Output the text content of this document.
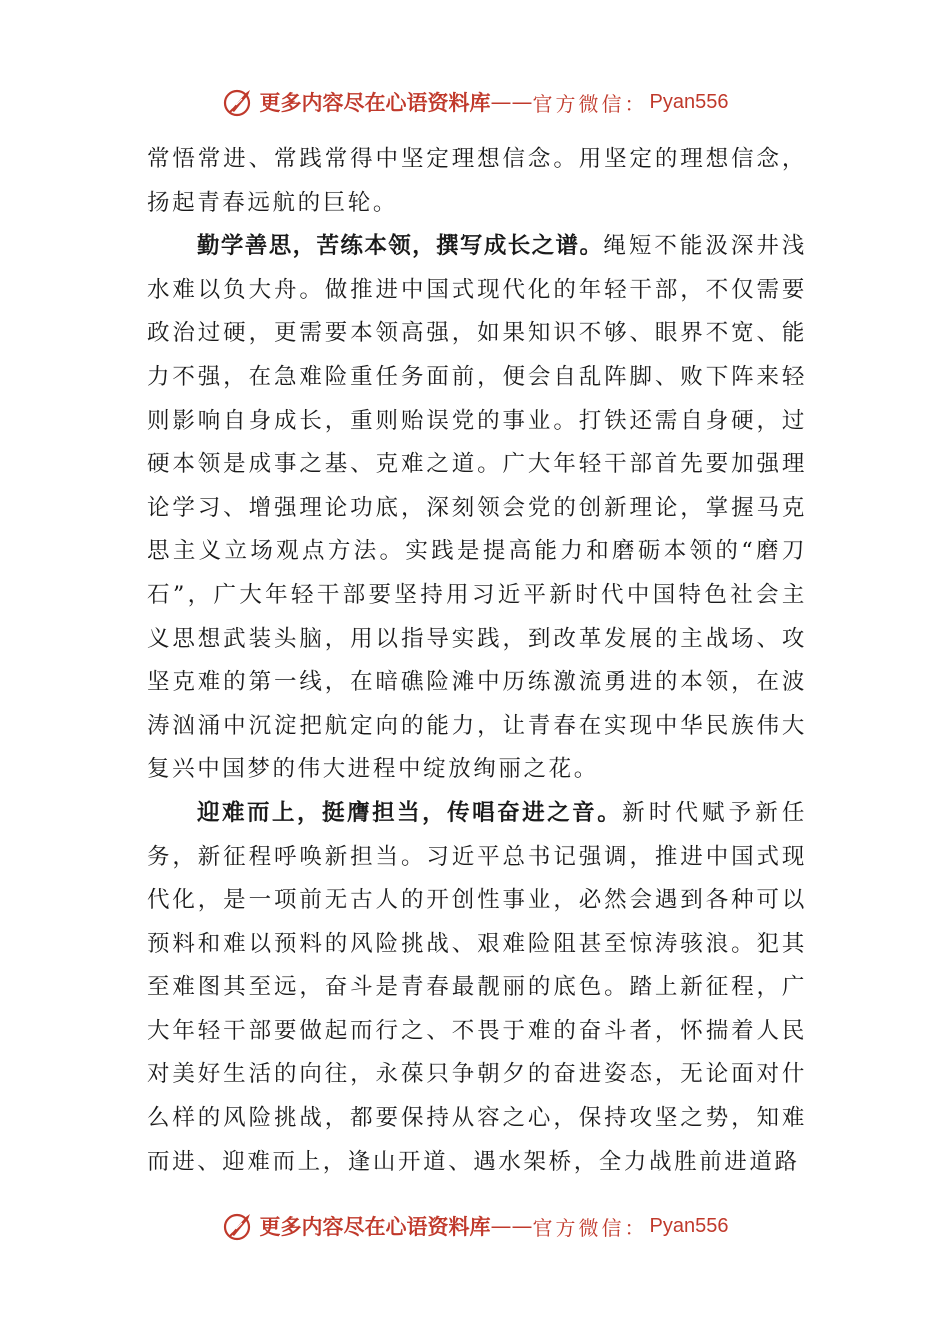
更多内容尽在心语资料库 —— 官方微信： Pyan556

常悟常进、常践常得中坚定理想信念。用坚定的理想信念，扬起青春远航的巨轮。

勤学善思，苦练本领，撰写成长之谱。绳短不能汲深井浅水难以负大舟。做推进中国式现代化的年轻干部，不仅需要政治过硬，更需要本领高强，如果知识不够、眼界不宽、能力不强，在急难险重任务面前，便会自乱阵脚、败下阵来轻则影响自身成长，重则贻误党的事业。打铁还需自身硬，过硬本领是成事之基、克难之道。广大年轻干部首先要加强理论学习、增强理论功底，深刻领会党的创新理论，掌握马克思主义立场观点方法。实践是提高能力和磨砺本领的“磨刀石”，广大年轻干部要坚持用习近平新时代中国特色社会主义思想武装头脑，用以指导实践，到改革发展的主战场、攻坚克难的第一线，在暗礁险滩中历练激流勇进的本领，在波涛汹涌中沉淀把航定向的能力，让青春在实现中华民族伟大复兴中国梦的伟大进程中绽放绚丽之花。

迎难而上，挺膺担当，传唱奋进之音。新时代赋予新任务，新征程呼唤新担当。习近平总书记强调，推进中国式现代化，是一项前无古人的开创性事业，必然会遇到各种可以预料和难以预料的风险挑战、艰难险阻甚至惊涛骇浪。犯其至难图其至远，奋斗是青春最靓丽的底色。踏上新征程，广大年轻干部要做起而行之、不畏于难的奋斗者，怀揣着人民对美好生活的向往，永葆只争朝夕的奋进姿态，无论面对什么样的风险挑战，都要保持从容之心，保持攻坚之势，知难而进、迎难而上，逢山开道、遇水架桥，全力战胜前进道路

更多内容尽在心语资料库 —— 官方微信： Pyan556
